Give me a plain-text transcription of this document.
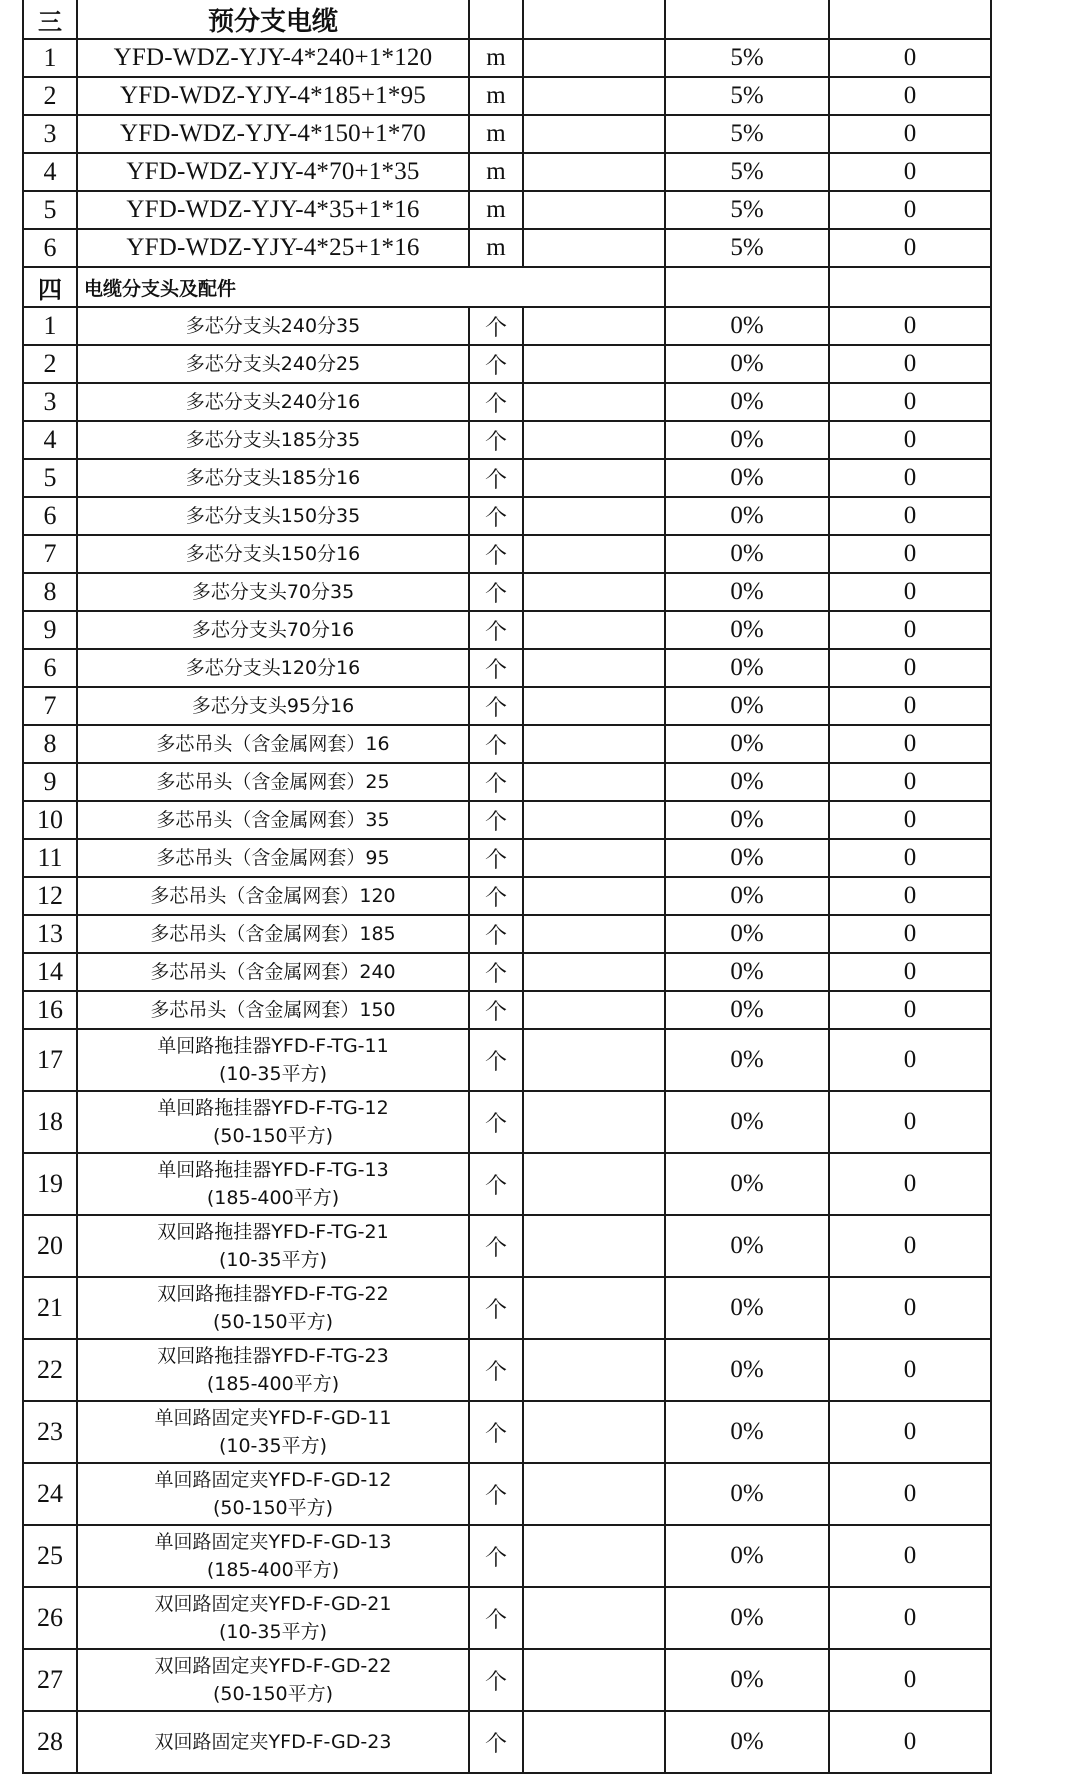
三	预分支电缆				
1	YFD-WDZ-YJY-4*240+1*120	m		5%	0
2	YFD-WDZ-YJY-4*185+1*95	m		5%	0
3	YFD-WDZ-YJY-4*150+1*70	m		5%	0
4	YFD-WDZ-YJY-4*70+1*35	m		5%	0
5	YFD-WDZ-YJY-4*35+1*16	m		5%	0
6	YFD-WDZ-YJY-4*25+1*16	m		5%	0
四	电缆分支头及配件				
1	多芯分支头240分35	个		0%	0
2	多芯分支头240分25	个		0%	0
3	多芯分支头240分16	个		0%	0
4	多芯分支头185分35	个		0%	0
5	多芯分支头185分16	个		0%	0
6	多芯分支头150分35	个		0%	0
7	多芯分支头150分16	个		0%	0
8	多芯分支头70分35	个		0%	0
9	多芯分支头70分16	个		0%	0
6	多芯分支头120分16	个		0%	0
7	多芯分支头95分16	个		0%	0
8	多芯吊头（含金属网套）16	个		0%	0
9	多芯吊头（含金属网套）25	个		0%	0
10	多芯吊头（含金属网套）35	个		0%	0
11	多芯吊头（含金属网套）95	个		0%	0
12	多芯吊头（含金属网套）120	个		0%	0
13	多芯吊头（含金属网套）185	个		0%	0
14	多芯吊头（含金属网套）240	个		0%	0
16	多芯吊头（含金属网套）150	个		0%	0
17	单回路拖挂器YFD-F-TG-11
(10-35平方)	个		0%	0
18	单回路拖挂器YFD-F-TG-12
(50-150平方)	个		0%	0
19	单回路拖挂器YFD-F-TG-13
(185-400平方)	个		0%	0
20	双回路拖挂器YFD-F-TG-21
(10-35平方)	个		0%	0
21	双回路拖挂器YFD-F-TG-22
(50-150平方)	个		0%	0
22	双回路拖挂器YFD-F-TG-23
(185-400平方)	个		0%	0
23	单回路固定夹YFD-F-GD-11
(10-35平方)	个		0%	0
24	单回路固定夹YFD-F-GD-12
(50-150平方)	个		0%	0
25	单回路固定夹YFD-F-GD-13
(185-400平方)	个		0%	0
26	双回路固定夹YFD-F-GD-21
(10-35平方)	个		0%	0
27	双回路固定夹YFD-F-GD-22
(50-150平方)	个		0%	0
28	双回路固定夹YFD-F-GD-23	个		0%	0
